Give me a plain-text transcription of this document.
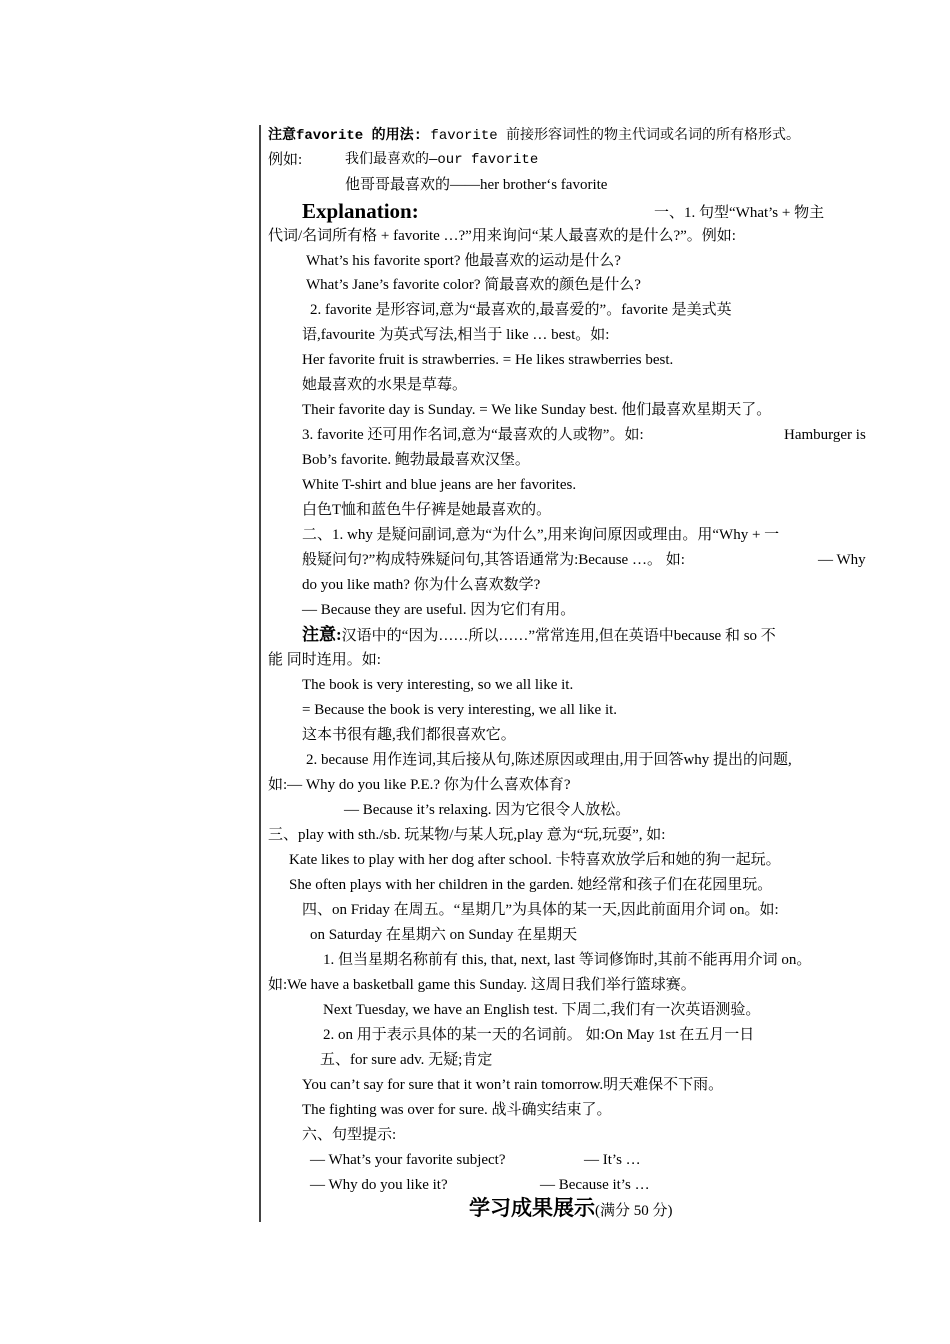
注意favorite 的用法: favorite 前接形容词性的物主代词或名词的所有格形式。
例如:	我们最喜欢的—our favorite
他哥哥最喜欢的——her brother‘s favorite
Explanation:	一、1. 句型“What’s + 物主
代词/名词所有格 + favorite …?”用来询问“某人最喜欢的是什么?”。例如:
What’s his favorite sport? 他最喜欢的运动是什么?
What’s Jane’s favorite color? 简最喜欢的颜色是什么?
2. favorite 是形容词,意为“最喜欢的,最喜爱的”。favorite 是美式英
语,favourite 为英式写法,相当于 like … best。如:
Her favorite fruit is strawberries. = He likes strawberries best.
她最喜欢的水果是草莓。
Their favorite day is Sunday. = We like Sunday best. 他们最喜欢星期天了。
3. favorite 还可用作名词,意为“最喜欢的人或物”。如:	Hamburger is
Bob’s favorite. 鲍勃最最喜欢汉堡。
White T-shirt and blue jeans are her favorites.
白色T恤和蓝色牛仔裤是她最喜欢的。
二、1. why 是疑问副词,意为“为什么”,用来询问原因或理由。用“Why + 一
般疑问句?”构成特殊疑问句,其答语通常为:Because …。 如:	— Why
do you like math? 你为什么喜欢数学?
— Because they are useful. 因为它们有用。
注意:汉语中的“因为……所以……”常常连用,但在英语中because 和 so 不
能 同时连用。如:
The book is very interesting, so we all like it.
= Because the book is very interesting, we all like it.
这本书很有趣,我们都很喜欢它。
2. because 用作连词,其后接从句,陈述原因或理由,用于回答why 提出的问题,
如:— Why do you like P.E.? 你为什么喜欢体育?
— Because it’s relaxing. 因为它很令人放松。
三、play with sth./sb. 玩某物/与某人玩,play 意为“玩,玩耍”, 如:
Kate likes to play with her dog after school. 卡特喜欢放学后和她的狗一起玩。
She often plays with her children in the garden. 她经常和孩子们在花园里玩。
四、on Friday 在周五。“星期几”为具体的某一天,因此前面用介词 on。如:
on Saturday 在星期六 on Sunday 在星期天
1. 但当星期名称前有 this, that, next, last 等词修饰时,其前不能再用介词 on。
如:We have a basketball game this Sunday. 这周日我们举行篮球赛。
Next Tuesday, we have an English test. 下周二,我们有一次英语测验。
2. on 用于表示具体的某一天的名词前。 如:On May 1st 在五月一日
五、for sure adv. 无疑;肯定
You can’t say for sure that it won’t rain tomorrow.明天难保不下雨。
The fighting was over for sure. 战斗确实结束了。
六、句型提示:
— What’s your favorite subject?	— It’s …
— Why do you like it?	— Because it’s …
学习成果展示(满分 50 分)
